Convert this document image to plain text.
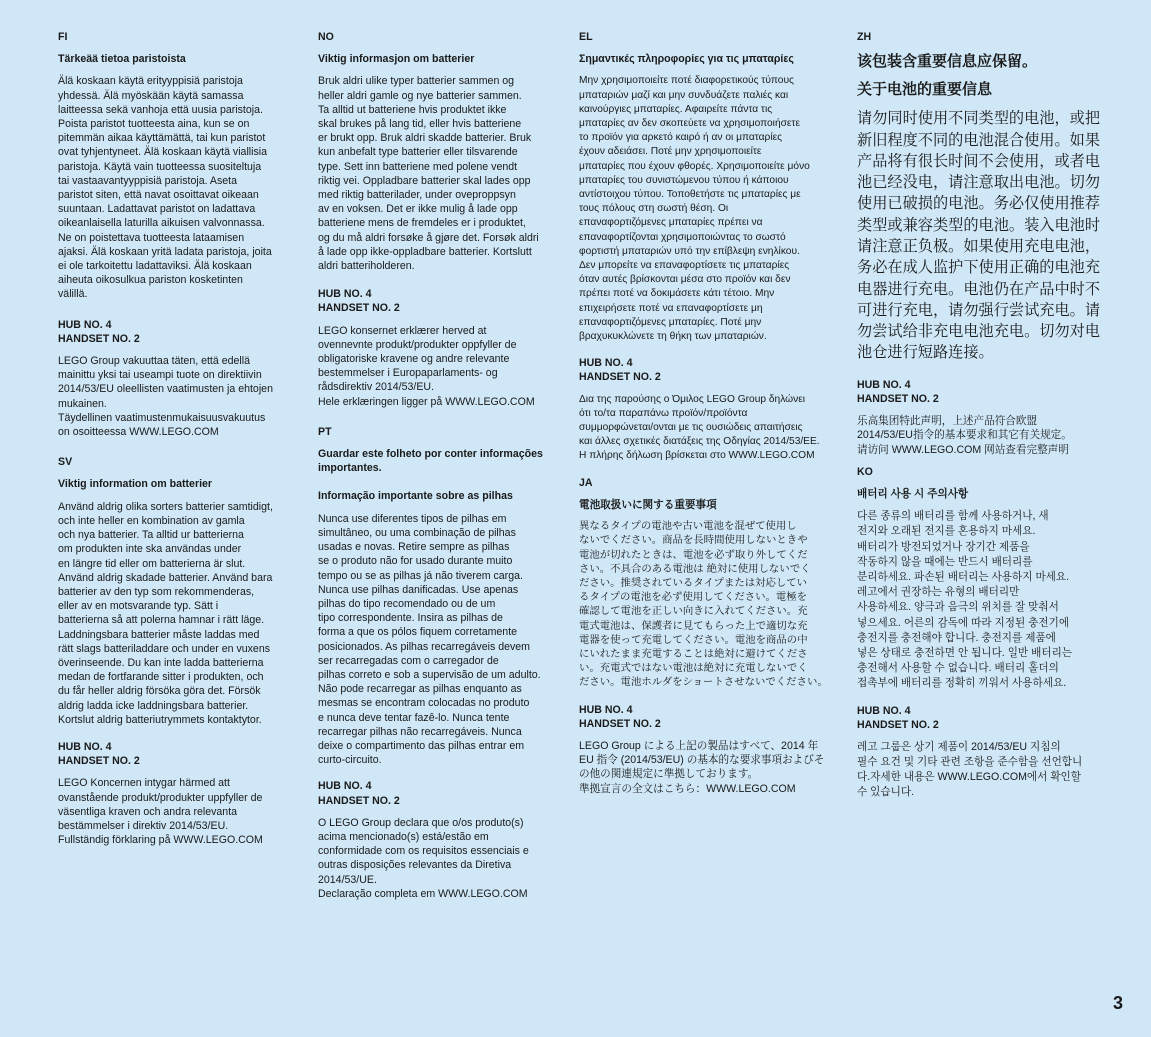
FI

Tärkeää tietoa paristoista

Älä koskaan käytä erityyppisiä paristoja
yhdessä. Älä myöskään käytä samassa
laitteessa sekä vanhoja että uusia paristoja.
Poista paristot tuotteesta aina, kun se on
pitemmän aikaa käyttämättä, tai kun paristot
ovat tyhjentyneet. Älä koskaan käytä viallisia
paristoja. Käytä vain tuotteessa suositeltuja
tai vastaavantyyppisiä paristoja. Aseta
paristot siten, että navat osoittavat oikeaan
suuntaan. Ladattavat paristot on ladattava
oikeanlaisella laturilla aikuisen valvonnassa.
Ne on poistettava tuotteesta lataamisen
ajaksi. Älä koskaan yritä ladata paristoja, joita
ei ole tarkoitettu ladattaviksi. Älä koskaan
aiheuta oikosulkua pariston kosketinten
välillä.

HUB NO. 4
HANDSET NO. 2

LEGO Group vakuuttaa täten, että edellä
mainittu yksi tai useampi tuote on direktiivin
2014/53/EU oleellisten vaatimusten ja ehtojen
mukainen.
Täydellinen vaatimustenmukaisuusvakuutus
on osoitteessa WWW.LEGO.COM

SV

Viktig information om batterier

Använd aldrig olika sorters batterier samtidigt,
och inte heller en kombination av gamla
och nya batterier. Ta alltid ur batterierna
om produkten inte ska användas under
en längre tid eller om batterierna är slut.
Använd aldrig skadade batterier. Använd bara
batterier av den typ som rekommenderas,
eller av en motsvarande typ. Sätt i
batterierna så att polerna hamnar i rätt läge.
Laddningsbara batterier måste laddas med
rätt slags batteriladdare och under en vuxens
överinseende. Du kan inte ladda batterierna
medan de fortfarande sitter i produkten, och
du får heller aldrig försöka göra det. Försök
aldrig ladda icke laddningsbara batterier.
Kortslut aldrig batteriutrymmets kontaktytor.

HUB NO. 4
HANDSET NO. 2

LEGO Koncernen intygar härmed att
ovanstående produkt/produkter uppfyller de
väsentliga kraven och andra relevanta
bestämmelser i direktiv 2014/53/EU.
Fullständig förklaring på WWW.LEGO.COM

NO

Viktig informasjon om batterier

Bruk aldri ulike typer batterier sammen og
heller aldri gamle og nye batterier sammen.
Ta alltid ut batteriene hvis produktet ikke
skal brukes på lang tid, eller hvis batteriene
er brukt opp. Bruk aldri skadde batterier. Bruk
kun anbefalt type batterier eller tilsvarende
type. Sett inn batteriene med polene vendt
riktig vei. Oppladbare batterier skal lades opp
med riktig batterilader, under oveproppsyn
av en voksen. Det er ikke mulig å lade opp
batteriene mens de fremdeles er i produktet,
og du må aldri forsøke å gjøre det. Forsøk aldri
å lade opp ikke-oppladbare batterier. Kortslutt
aldri batteriholderen.

HUB NO. 4
HANDSET NO. 2

LEGO konsernet erklærer herved at
ovennevnte produkt/produkter oppfyller de
obligatoriske kravene og andre relevante
bestemmelser i Europaparlaments- og
rådsdirektiv 2014/53/EU.
Hele erklæringen ligger på WWW.LEGO.COM

PT

Guardar este folheto por conter informações
importantes.

Informação importante sobre as pilhas

Nunca use diferentes tipos de pilhas em
simultâneo, ou uma combinação de pilhas
usadas e novas. Retire sempre as pilhas
se o produto não for usado durante muito
tempo ou se as pilhas já não tiverem carga.
Nunca use pilhas danificadas. Use apenas
pilhas do tipo recomendado ou de um
tipo correspondente. Insira as pilhas de
forma a que os pólos fiquem corretamente
posicionados. As pilhas recarregáveis devem
ser recarregadas com o carregador de
pilhas correto e sob a supervisão de um adulto.
Não pode recarregar as pilhas enquanto as
mesmas se encontram colocadas no produto
e nunca deve tentar fazê-lo. Nunca tente
recarregar pilhas não recarregáveis. Nunca
deixe o compartimento das pilhas entrar em
curto-circuito.

HUB NO. 4
HANDSET NO. 2

O LEGO Group declara que o/os produto(s)
acima mencionado(s) está/estão em
conformidade com os requisitos essenciais e
outras disposições relevantes da Diretiva
2014/53/UE.
Declaração completa em WWW.LEGO.COM

EL

Σημαντικές πληροφορίες για τις μπαταρίες

Μην χρησιμοποιείτε ποτέ διαφορετικούς τύπους
μπαταριών μαζί και μην συνδυάζετε παλιές και
καινούργιες μπαταρίες. Αφαιρείτε πάντα τις
μπαταρίες αν δεν σκοπεύετε να χρησιμοποιήσετε
το προϊόν για αρκετό καιρό ή αν οι μπαταρίες
έχουν αδειάσει. Ποτέ μην χρησιμοποιείτε
μπαταρίες που έχουν φθορές. Χρησιμοποιείτε μόνο
μπαταρίες του συνιστώμενου τύπου ή κάποιου
αντίστοιχου τύπου. Τοποθετήστε τις μπαταρίες με
τους πόλους στη σωστή θέση. Οι
επαναφορτιζόμενες μπαταρίες πρέπει να
επαναφορτίζονται χρησιμοποιώντας το σωστό
φορτιστή μπαταριών υπό την επίβλεψη ενηλίκου.
Δεν μπορείτε να επαναφορτίσετε τις μπαταρίες
όταν αυτές βρίσκονται μέσα στο προϊόν και δεν
πρέπει ποτέ να δοκιμάσετε κάτι τέτοιο. Μην
επιχειρήσετε ποτέ να επαναφορτίσετε μη
επαναφορτιζόμενες μπαταρίες. Ποτέ μην
βραχυκυκλώνετε τη θήκη των μπαταριών.

HUB NO. 4
HANDSET NO. 2

Δια της παρούσης ο Όμιλος LEGO Group δηλώνει
ότι το/τα παραπάνω προϊόν/προϊόντα
συμμορφώνεται/ονται με τις ουσιώδεις απαιτήσεις
και άλλες σχετικές διατάξεις της Οδηγίας 2014/53/ΕΕ.
Η πλήρης δήλωση βρίσκεται στο WWW.LEGO.COM

JA

電池取扱いに関する重要事項

異なるタイプの電池や古い電池を混ぜて使用し
ないでください。商品を長時間使用しないときや
電池が切れたときは、電池を必ず取り外してくだ
さい。不具合のある電池は 絶対に使用しないでく
ださい。推奨されているタイプまたは対応してい
るタイプの電池を必ず使用してください。電極を
確認して電池を正しい向きに入れてください。充
電式電池は、保護者に見てもらった上で適切な充
電器を使って充電してください。電池を商品の中
にいれたまま充電することは絶対に避けてくださ
い。充電式ではない電池は絶対に充電しないでく
ださい。電池ホルダをショートさせないでください。

HUB NO. 4
HANDSET NO. 2

LEGO Group による上記の製品はすべて、2014 年
EU 指令 (2014/53/EU) の基本的な要求事項およびそ
の他の関連規定に準拠しております。
準拠宣言の全文はこちら：WWW.LEGO.COM

ZH

该包装含重要信息应保留。

关于电池的重要信息

请勿同时使用不同类型的电池，或把
新旧程度不同的电池混合使用。如果
产品将有很长时间不会使用，或者电
池已经没电，请注意取出电池。切勿
使用已破损的电池。务必仅使用推荐
类型或兼容类型的电池。装入电池时
请注意正负极。如果使用充电电池，
务必在成人监护下使用正确的电池充
电器进行充电。电池仍在产品中时不
可进行充电，请勿强行尝试充电。请
勿尝试给非充电电池充电。切勿对电
池仓进行短路连接。

HUB NO. 4
HANDSET NO. 2

乐高集团特此声明，上述产品符合欧盟
2014/53/EU指令的基本要求和其它有关规定。
请访问 WWW.LEGO.COM 网站查看完整声明

KO

배터리 사용 시 주의사항

다른 종류의 배터리를 함께 사용하거나, 새
전지와 오래된 전지를 혼용하지 마세요.
배터리가 방전되었거나 장기간 제품을
작동하지 않을 때에는 반드시 배터리를
분리하세요. 파손된 배터리는 사용하지 마세요.
레고에서 권장하는 유형의 배터리만
사용하세요. 양극과 음극의 위치를 잘 맞춰서
넣으세요. 어른의 감독에 따라 지정된 충전기에
충전지를 충전해야 합니다. 충전지를 제품에
넣은 상태로 충전하면 안 됩니다. 일반 배터리는
충전해서 사용할 수 없습니다. 배터리 홀더의
접촉부에 배터리를 정확히 끼워서 사용하세요.

HUB NO. 4
HANDSET NO. 2

레고 그룹은 상기 제품이 2014/53/EU 지침의
필수 요건 및 기타 관련 조항을 준수함을 선언합니
다.자세한 내용은 WWW.LEGO.COM에서 확인할
수 있습니다.

3
